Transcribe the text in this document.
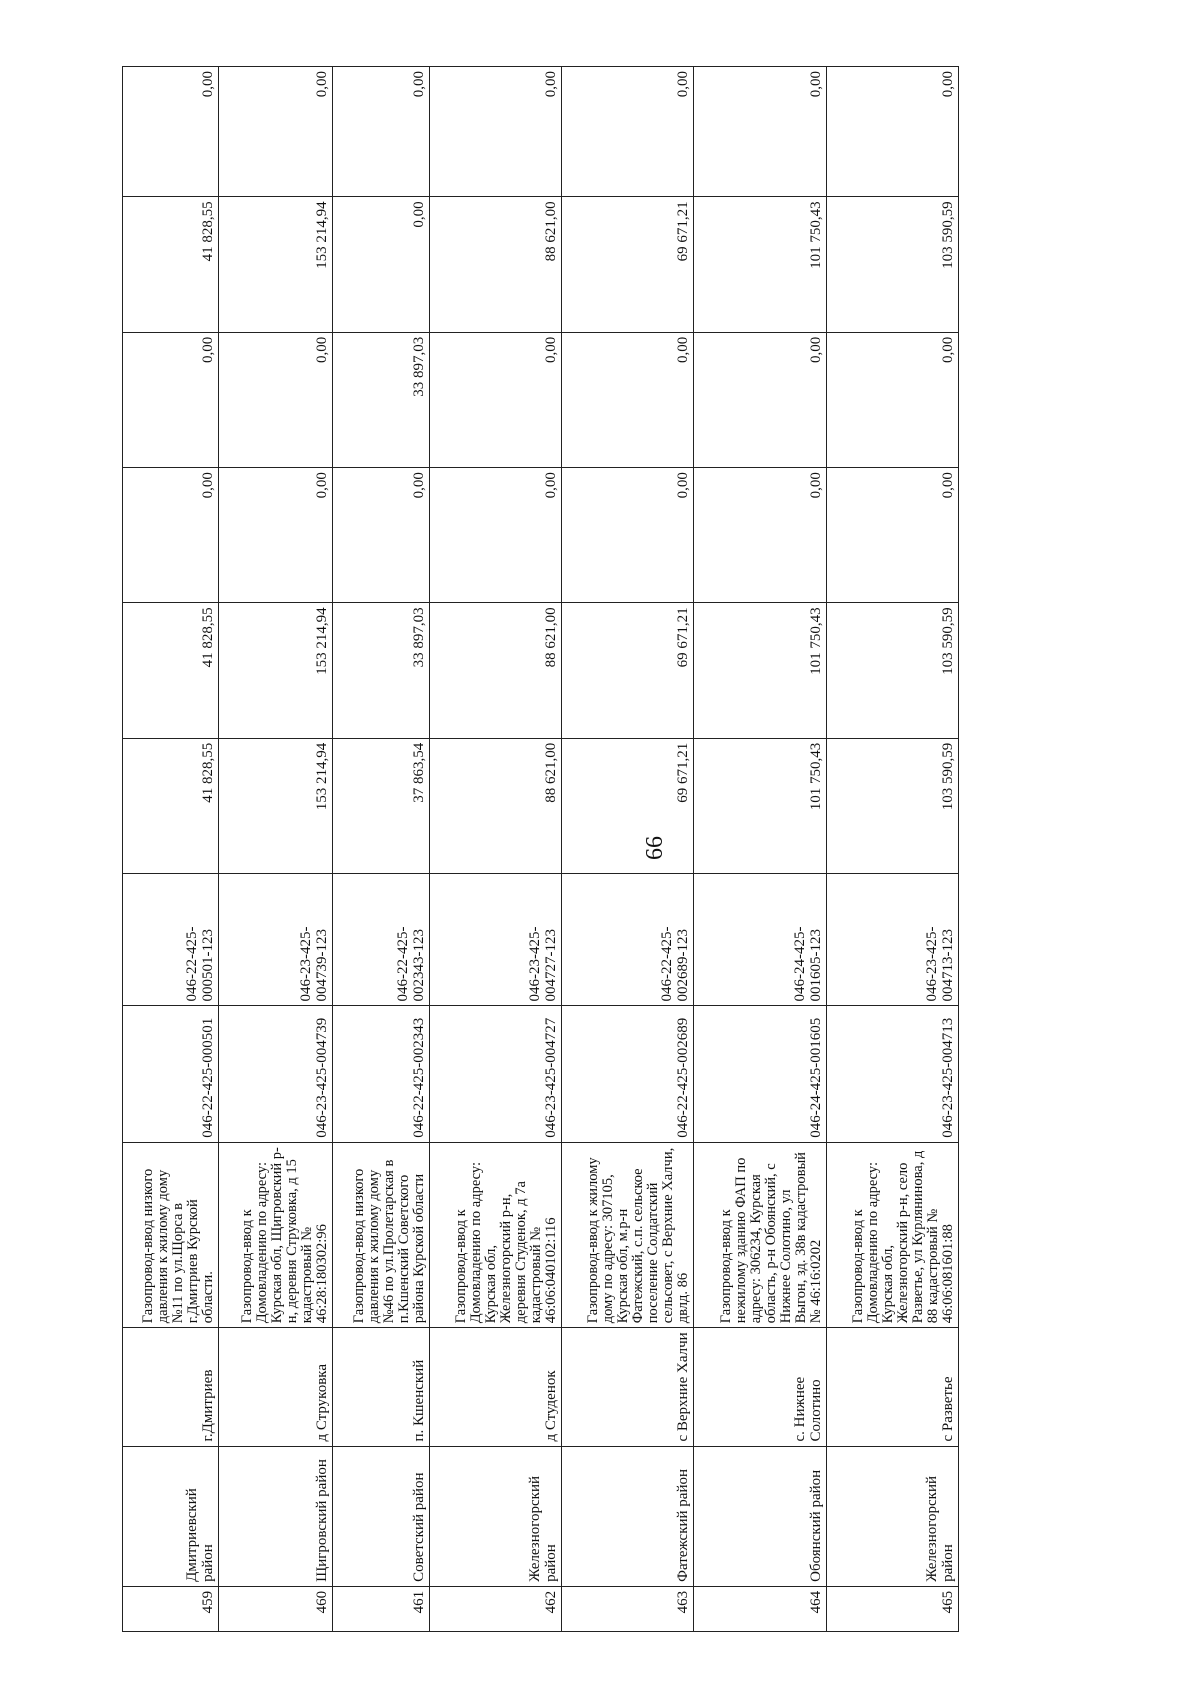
66
459	Дмитриевский район	г.Дмитриев	Газопровод-ввод низкого давления к жилому дому №11 по ул.Щорса в г.Дмитриев Курской области.	046-22-425-000501	046-22-425-000501-123	41 828,55	41 828,55	0,00	0,00	41 828,55	0,00
460	Щигровский район	д Струковка	Газопровод-ввод к Домовладению по адресу: Курская обл, Щигровский р-н, деревня Струковка, д 15 кадастровый № 46:28:180302:96	046-23-425-004739	046-23-425-004739-123	153 214,94	153 214,94	0,00	0,00	153 214,94	0,00
461	Советский район	п. Кшенский	Газопровод-ввод низкого давления к жилому дому №46 по ул.Пролетарская в п.Кшенский Советского района Курской области	046-22-425-002343	046-22-425-002343-123	37 863,54	33 897,03	0,00	33 897,03	0,00	0,00
462	Железногорский район	д Студенок	Газопровод-ввод к Домовладению по адресу: Курская обл, Железногорский р-н, деревня Студенок, д 7а кадастровый № 46:06:040102:116	046-23-425-004727	046-23-425-004727-123	88 621,00	88 621,00	0,00	0,00	88 621,00	0,00
463	Фатежский район	с Верхние Халчи	Газопровод-ввод к жилому дому по адресу: 307105, Курская обл, м.р-н Фатежский, с.п. сельское поселение Солдатский сельсовет, с Верхние Халчи, двлд. 86	046-22-425-002689	046-22-425-002689-123	69 671,21	69 671,21	0,00	0,00	69 671,21	0,00
464	Обоянский район	с. Нижнее Солотино	Газопровод-ввод к нежилому зданию ФАП по адресу: 306234, Курская область, р-н Обоянский, с Нижнее Солотино, ул Выгон, зд. 38в кадастровый № 46:16:0202	046-24-425-001605	046-24-425-001605-123	101 750,43	101 750,43	0,00	0,00	101 750,43	0,00
465	Железногорский район	с Разветье	Газопровод-ввод к Домовладению по адресу: Курская обл, Железногорский р-н, село Разветье, ул Курлянинова, д 88 кадастровый № 46:06:081601:88	046-23-425-004713	046-23-425-004713-123	103 590,59	103 590,59	0,00	0,00	103 590,59	0,00
